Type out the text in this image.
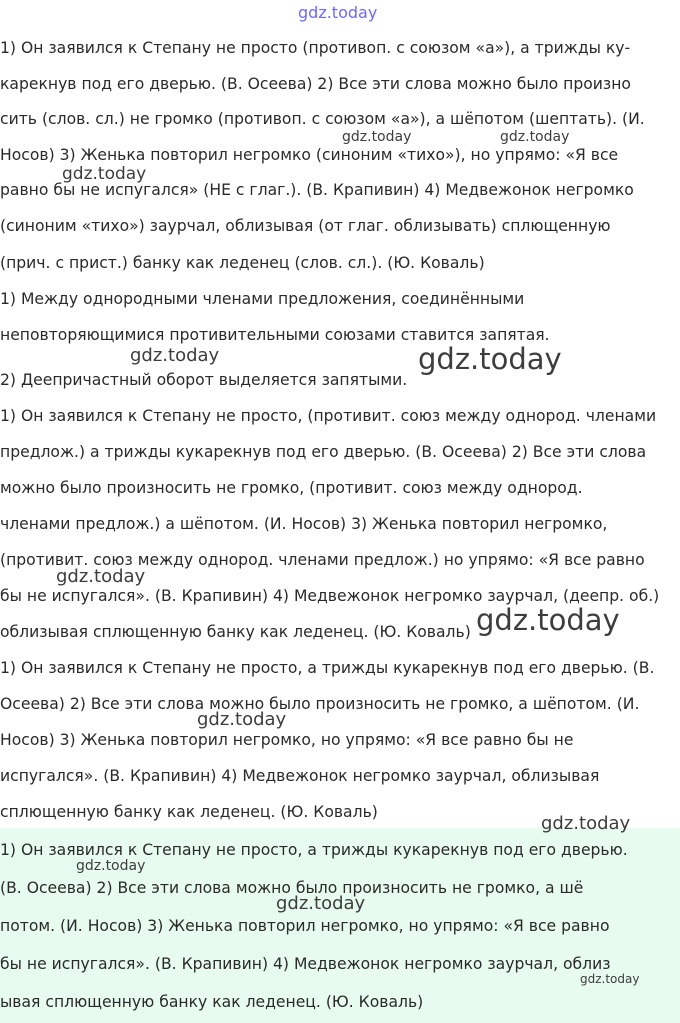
1) Он заявился к Степану не просто (противоп. с союзом «а»), а трижды ку-

карекнув под его дверью. (В. Осеева) 2) Все эти слова можно было произно

сить (слов. сл.) не громко (противоп. с союзом «а»), а шёпотом (шептать). (И.

Носов) 3) Женька повторил негромко (синоним «тихо»), но упрямо: «Я все

равно бы не испугался» (НЕ с глаг.). (В. Крапивин) 4) Медвежонок негромко

(синоним «тихо») заурчал, облизывая (от глаг. облизывать) сплющенную

(прич. с прист.) банку как леденец (слов. сл.). (Ю. Коваль)

1) Между однородными членами предложения, соединёнными

неповторяющимися противительными союзами ставится запятая.

2) Деепричастный оборот выделяется запятыми.

1) Он заявился к Степану не просто, (противит. союз между однород. членами

предлож.) а трижды кукарекнув под его дверью. (В. Осеева) 2) Все эти слова

можно было произносить не громко, (противит. союз между однород.

членами предлож.) а шёпотом. (И. Носов) 3) Женька повторил негромко,

(противит. союз между однород. членами предлож.) но упрямо: «Я все равно

бы не испугался». (В. Крапивин) 4) Медвежонок негромко заурчал, (деепр. об.)

облизывая сплющенную банку как леденец. (Ю. Коваль)

1) Он заявился к Степану не просто, а трижды кукарекнув под его дверью. (В.

Осеева) 2) Все эти слова можно было произносить не громко, а шёпотом. (И.

Носов) 3) Женька повторил негромко, но упрямо: «Я все равно бы не

испугался». (В. Крапивин) 4) Медвежонок негромко заурчал, облизывая

сплющенную банку как леденец. (Ю. Коваль)

1) Он заявился к Степану не просто, а трижды кукарекнув под его дверью.

(В. Осеева) 2) Все эти слова можно было произносить не громко, а шё

потом. (И. Носов) 3) Женька повторил негромко, но упрямо: «Я все равно

бы не испугался». (В. Крапивин) 4) Медвежонок негромко заурчал, облиз

ывая сплющенную банку как леденец. (Ю. Коваль)

gdz.today
gdz.today	gdz.today
gdz.today
gdz.today	gdz.today
gdz.today
gdz.today
gdz.today
gdz.today
gdz.today
gdz.today
gdz.today
